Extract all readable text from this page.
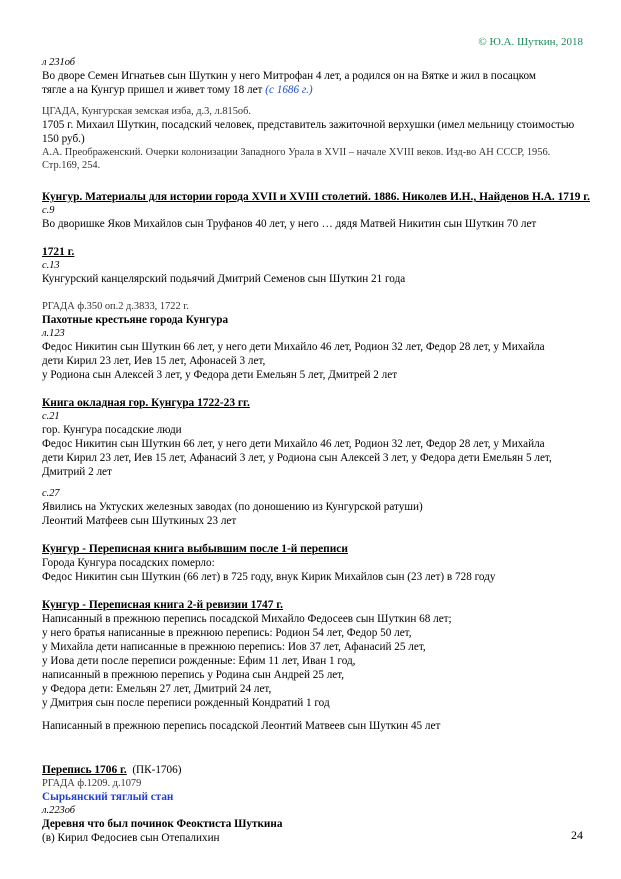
© Ю.А. Шуткин, 2018
л 231об
Во дворе Семен Игнатьев сын Шуткин у него Митрофан 4 лет, а родился он на Вятке и жил в посацком
тягле а на Кунгур пришел и живет тому 18 лет (с 1686 г.)
ЦГАДА, Кунгурская земская изба, д.3, л.815об.
1705 г. Михаил Шуткин, посадский человек, представитель зажиточной верхушки (имел мельницу стоимостью 150 руб.)
А.А. Преображенский. Очерки колонизации Западного Урала в XVII – начале XVIII веков. Изд-во АН СССР, 1956. Стр.169, 254.
Кунгур. Материалы для истории города XVII и XVIII столетий. 1886. Николев И.Н., Найденов Н.А. 1719 г.
с.9
Во дворишке Яков Михайлов сын Труфанов 40 лет, у него … дядя Матвей Никитин сын Шуткин 70 лет
1721 г.
с.13
Кунгурский канцелярский подьячий Дмитрий Семенов сын Шуткин 21 года
РГАДА ф.350 оп.2 д.3833, 1722 г.
Пахотные крестьяне города Кунгура
л.123
Федос Никитин сын Шуткин 66 лет, у него дети Михайло 46 лет, Родион 32 лет, Федор 28 лет, у Михайла
дети Кирил 23 лет, Иев 15 лет, Афонасей 3 лет,
у Родиона сын Алексей 3 лет, у Федора дети Емельян 5 лет, Дмитрей 2 лет
Книга окладная гор. Кунгура 1722-23 гг.
с.21
гор. Кунгура посадские люди
Федос Никитин сын Шуткин 66 лет, у него дети Михайло 46 лет, Родион 32 лет, Федор 28 лет, у Михайла
дети Кирил 23 лет, Иев 15 лет, Афанасий 3 лет, у Родиона сын Алексей 3 лет, у Федора дети Емельян 5 лет,
Дмитрий 2 лет
с.27
Явились на Уктуских железных заводах (по доношению из Кунгурской ратуши)
Леонтий Матфеев сын Шуткиных 23 лет
Кунгур - Переписная книга выбывшим после 1-й переписи
Города Кунгура посадских померло:
Федос Никитин сын Шуткин (66 лет) в 725 году, внук Кирик Михайлов сын (23 лет) в 728 году
Кунгур - Переписная книга 2-й ревизии 1747 г.
Написанный в прежнюю перепись посадской Михайло Федосеев сын Шуткин 68 лет;
у него братья написанные в прежнюю перепись: Родион 54 лет, Федор 50 лет,
у Михайла дети написанные в прежнюю перепись: Иов 37 лет, Афанасий 25 лет,
у Иова дети после переписи рожденные: Ефим 11 лет, Иван 1 год,
написанный в прежнюю перепись у Родина сын Андрей 25 лет,
у Федора дети: Емельян 27 лет, Дмитрий 24 лет,
у Дмитрия сын после переписи рожденный Кондратий 1 год
Написанный в прежнюю перепись посадской Леонтий Матвеев сын Шуткин 45 лет
Перепись 1706 г. (ПК-1706)
РГАДА ф.1209. д.1079
Сырьянский тяглый стан
л.223об
Деревня что был починок Феоктиста Шуткина
(в) Кирил Федосиев сын Отепалихин	24
